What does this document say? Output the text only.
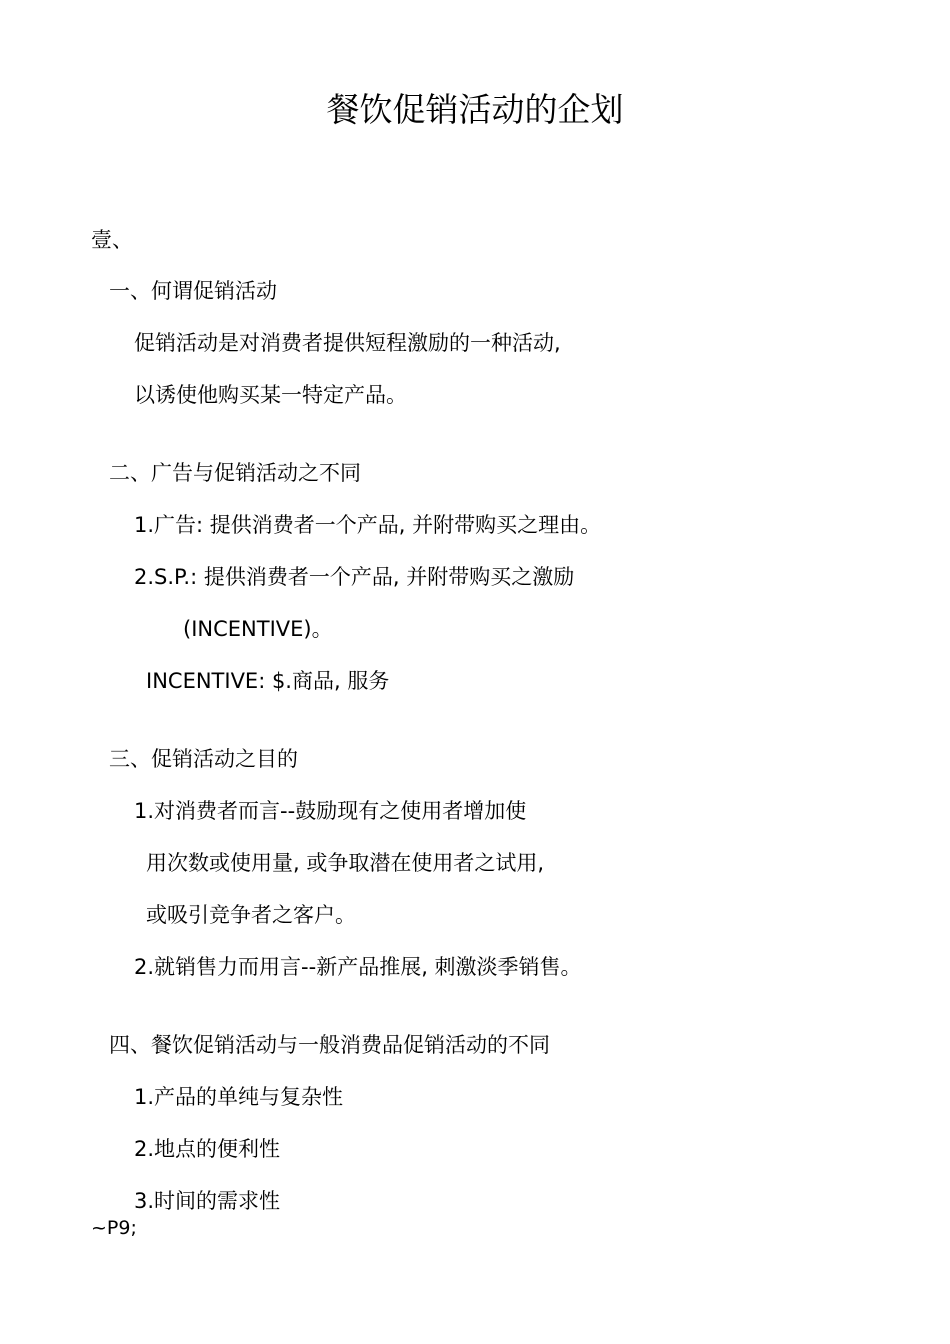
餐饮促销活动的企划
壹、
一、何谓促销活动
促销活动是对消费者提供短程激励的一种活动,
以诱使他购买某一特定产品。
二、广告与促销活动之不同
1.广告: 提供消费者一个产品, 并附带购买之理由。
2.S.P.: 提供消费者一个产品, 并附带购买之激励
(INCENTIVE)。
INCENTIVE: $.商品, 服务
三、促销活动之目的
1.对消费者而言--鼓励现有之使用者增加使
用次数或使用量, 或争取潜在使用者之试用,
或吸引竞争者之客户。
2.就销售力而用言--新产品推展, 刺激淡季销售。
四、餐饮促销活动与一般消费品促销活动的不同
1.产品的单纯与复杂性
2.地点的便利性
3.时间的需求性
~P9;
